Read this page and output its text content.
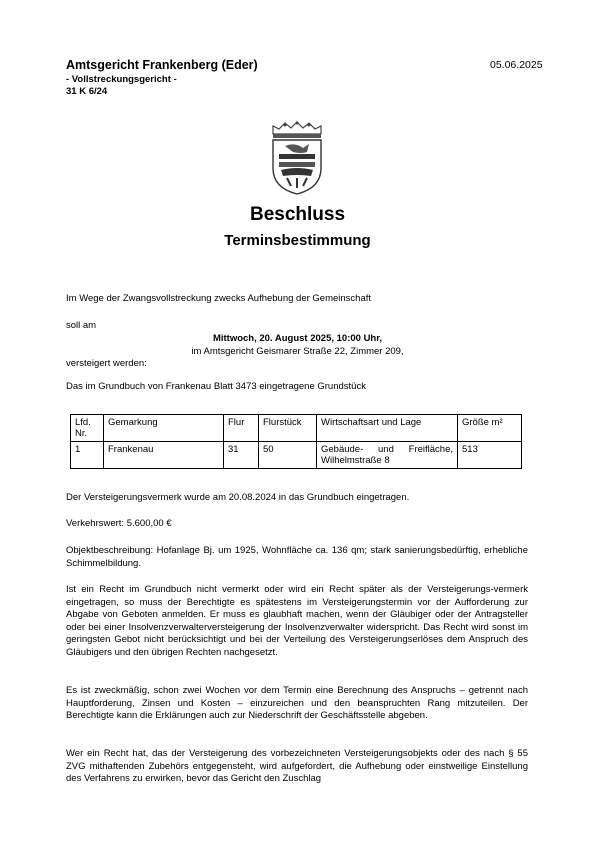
Amtsgericht Frankenberg (Eder)
- Vollstreckungsgericht -
31 K 6/24
05.06.2025
Beschluss
Terminsbestimmung
Im Wege der Zwangsvollstreckung zwecks Aufhebung der Gemeinschaft
soll am
Mittwoch, 20. August 2025, 10:00 Uhr,
im Amtsgericht Geismarer Straße 22, Zimmer 209,
versteigert werden:
Das im Grundbuch von Frankenau Blatt 3473 eingetragene Grundstück
Lfd. Nr.	Gemarkung	Flur	Flurstück	Wirtschaftsart und Lage	Größe m²
1	Frankenau	31	50	Gebäude- und Freifläche, Wilhelmstraße 8	513
Der Versteigerungsvermerk wurde am 20.08.2024 in das Grundbuch eingetragen.
Verkehrswert: 5.600,00 €
Objektbeschreibung: Hofanlage Bj. um 1925, Wohnfläche ca. 136 qm; stark sanierungsbedürftig, erhebliche Schimmelbildung.
Ist ein Recht im Grundbuch nicht vermerkt oder wird ein Recht später als der Versteigerungs-vermerk eingetragen, so muss der Berechtigte es spätestens im Versteigerungstermin vor der Aufforderung zur Abgabe von Geboten anmelden. Er muss es glaubhaft machen, wenn der Gläubiger oder der Antragsteller oder bei einer Insolvenzverwalterversteigerung der Insolvenzverwalter widerspricht. Das Recht wird sonst im geringsten Gebot nicht berücksichtigt und bei der Verteilung des Versteigerungserlöses dem Anspruch des Gläubigers und den übrigen Rechten nachgesetzt.
Es ist zweckmäßig, schon zwei Wochen vor dem Termin eine Berechnung des Anspruchs – getrennt nach Hauptforderung, Zinsen und Kosten – einzureichen und den beanspruchten Rang mitzuteilen. Der Berechtigte kann die Erklärungen auch zur Niederschrift der Geschäftsstelle abgeben.
Wer ein Recht hat, das der Versteigerung des vorbezeichneten Versteigerungsobjekts oder des nach § 55 ZVG mithaftenden Zubehörs entgegensteht, wird aufgefordert, die Aufhebung oder einstweilige Einstellung des Verfahrens zu erwirken, bevor das Gericht den Zuschlag
